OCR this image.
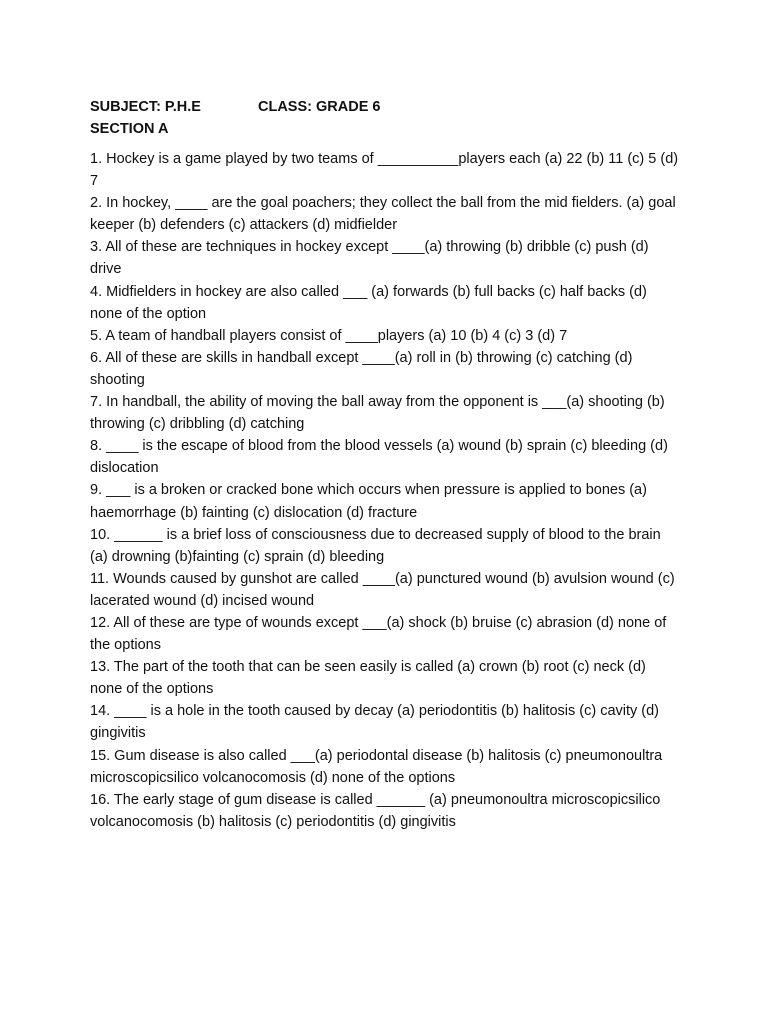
SUBJECT: P.H.E	CLASS: GRADE 6
SECTION A

1. Hockey is a game played by two teams of __________players each (a) 22 (b) 11 (c) 5 (d) 7

2. In hockey, ____ are the goal poachers; they collect the ball from the mid fielders. (a) goal keeper (b) defenders (c) attackers (d) midfielder

3. All of these are techniques in hockey except ____(a) throwing (b) dribble (c) push (d) drive

4. Midfielders in hockey are also called ___ (a) forwards (b) full backs (c) half backs (d) none of the option

5. A team of handball players consist of ____players (a) 10 (b) 4 (c) 3 (d) 7

6. All of these are skills in handball except ____(a) roll in (b) throwing (c) catching (d) shooting

7. In handball, the ability of moving the ball away from the opponent is ___(a) shooting (b) throwing (c) dribbling (d) catching

8. ____ is the escape of blood from the blood vessels (a) wound (b) sprain (c) bleeding (d) dislocation

9. ___ is a broken or cracked bone which occurs when pressure is applied to bones (a) haemorrhage (b) fainting (c) dislocation (d) fracture

10. ______ is a brief loss of consciousness due to decreased supply of blood to the brain (a) drowning (b)fainting (c) sprain (d) bleeding

11. Wounds caused by gunshot are called ____(a) punctured wound (b) avulsion wound (c) lacerated wound (d) incised wound

12. All of these are type of wounds except ___(a) shock (b) bruise (c) abrasion (d) none of the options

13. The part of the tooth that can be seen easily is called (a) crown (b) root (c) neck (d) none of the options

14. ____ is a hole in the tooth caused by decay (a) periodontitis (b) halitosis (c) cavity (d) gingivitis

15. Gum disease is also called ___(a) periodontal disease (b) halitosis (c) pneumonoultra microscopicsilico volcanocomosis (d) none of the options

16. The early stage of gum disease is called ______ (a) pneumonoultra microscopicsilico volcanocomosis (b) halitosis (c) periodontitis (d) gingivitis
